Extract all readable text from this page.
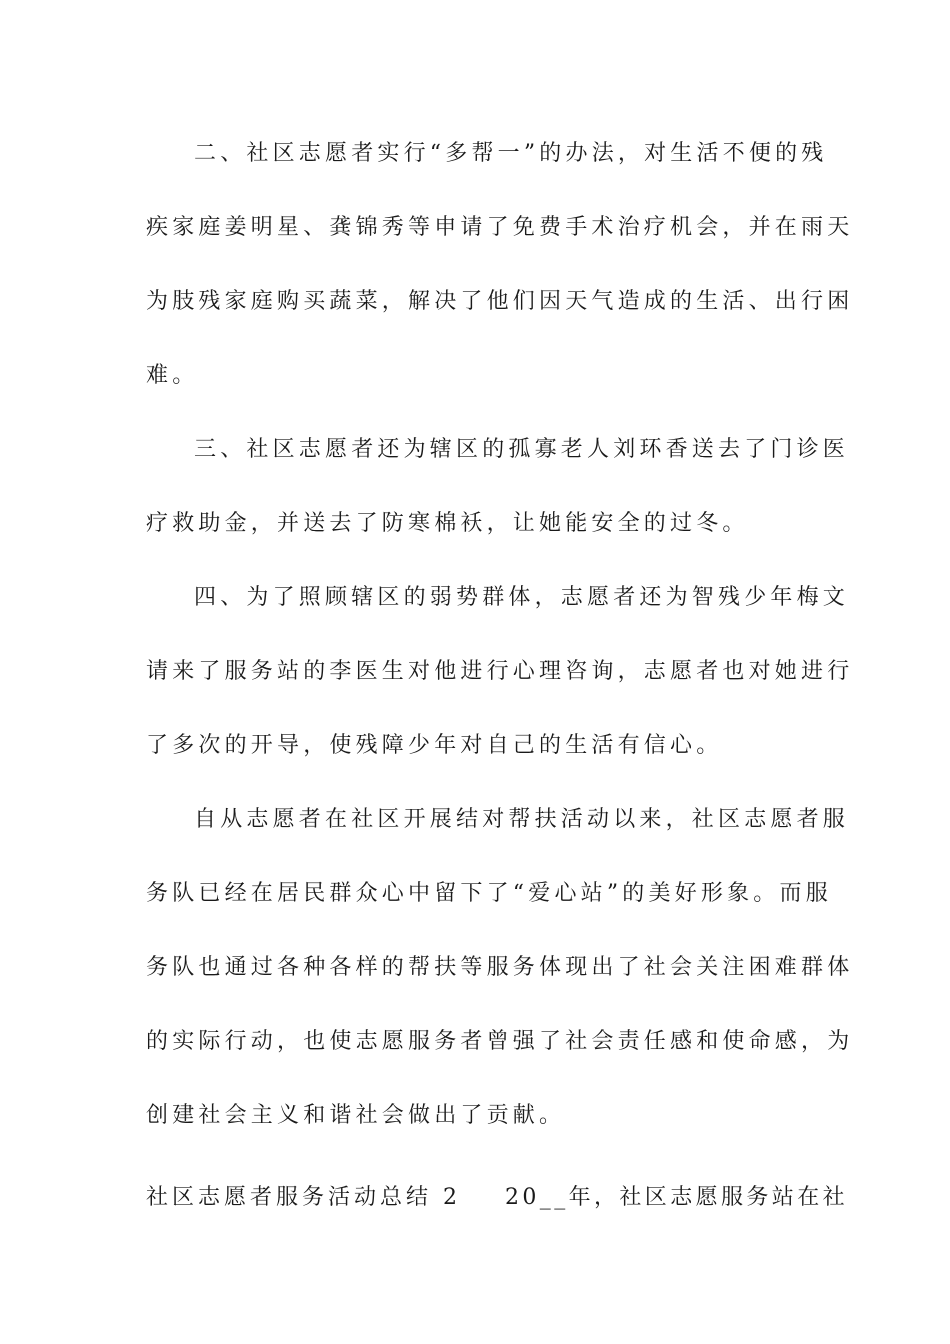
二、社区志愿者实行“多帮一”的办法，对生活不便的残
疾家庭姜明星、龚锦秀等申请了免费手术治疗机会，并在雨天
为肢残家庭购买蔬菜，解决了他们因天气造成的生活、出行困
难。
三、社区志愿者还为辖区的孤寡老人刘环香送去了门诊医
疗救助金，并送去了防寒棉袄，让她能安全的过冬。
四、为了照顾辖区的弱势群体，志愿者还为智残少年梅文
请来了服务站的李医生对他进行心理咨询，志愿者也对她进行
了多次的开导，使残障少年对自己的生活有信心。
自从志愿者在社区开展结对帮扶活动以来，社区志愿者服
务队已经在居民群众心中留下了“爱心站”的美好形象。而服
务队也通过各种各样的帮扶等服务体现出了社会关注困难群体
的实际行动，也使志愿服务者曾强了社会责任感和使命感，为
创建社会主义和谐社会做出了贡献。
社区志愿者服务活动总结 2 20__年，社区志愿服务站在社
